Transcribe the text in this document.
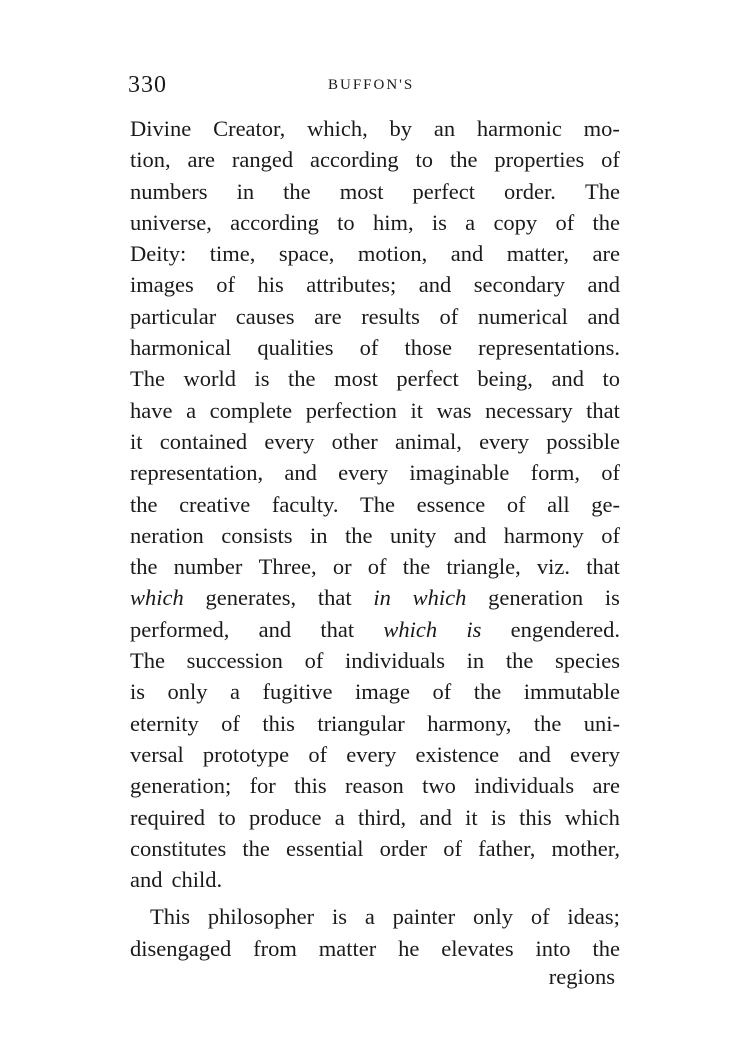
330	BUFFON'S
Divine Creator, which, by an harmonic mo-
tion, are ranged according to the properties of
numbers in the most perfect order. The
universe, according to him, is a copy of the
Deity: time, space, motion, and matter, are
images of his attributes; and secondary and
particular causes are results of numerical and
harmonical qualities of those representations.
The world is the most perfect being, and to
have a complete perfection it was necessary that
it contained every other animal, every possible
representation, and every imaginable form, of
the creative faculty. The essence of all ge-
neration consists in the unity and harmony of
the number Three, or of the triangle, viz. that
which generates, that in which generation is
performed, and that which is engendered.
The succession of individuals in the species
is only a fugitive image of the immutable
eternity of this triangular harmony, the uni-
versal prototype of every existence and every
generation; for this reason two individuals are
required to produce a third, and it is this which
constitutes the essential order of father, mother,
and child.
This philosopher is a painter only of ideas;
disengaged from matter he elevates into the
regions
